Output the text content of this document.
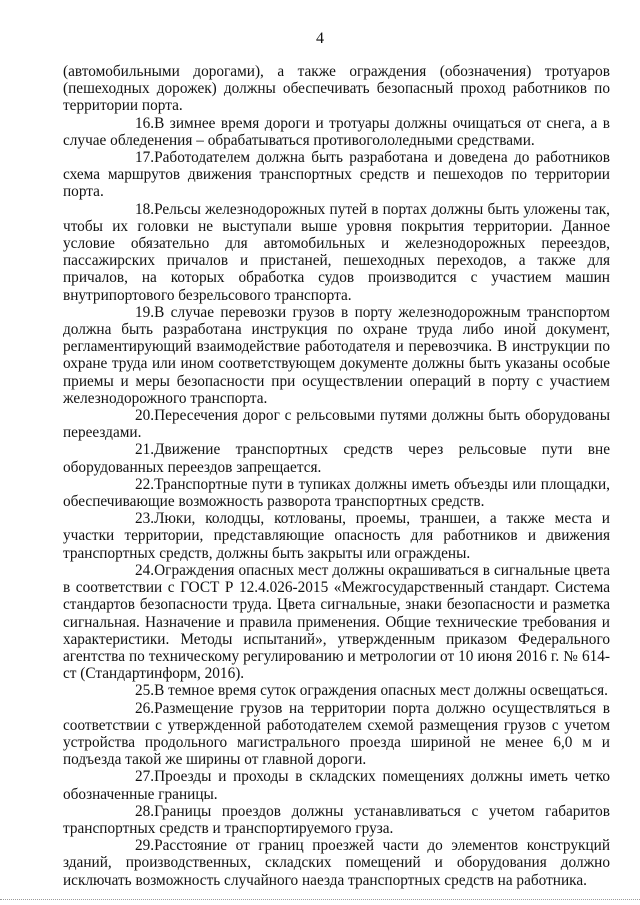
4

(автомобильными дорогами), а также ограждения (обозначения) тротуаров (пешеходных дорожек) должны обеспечивать безопасный проход работников по территории порта.

16.В зимнее время дороги и тротуары должны очищаться от снега, а в случае обледенения – обрабатываться противогололедными средствами.

17.Работодателем должна быть разработана и доведена до работников схема маршрутов движения транспортных средств и пешеходов по территории порта.

18.Рельсы железнодорожных путей в портах должны быть уложены так, чтобы их головки не выступали выше уровня покрытия территории. Данное условие обязательно для автомобильных и железнодорожных переездов, пассажирских причалов и пристаней, пешеходных переходов, а также для причалов, на которых обработка судов производится с участием машин внутрипортового безрельсового транспорта.

19.В случае перевозки грузов в порту железнодорожным транспортом должна быть разработана инструкция по охране труда либо иной документ, регламентирующий взаимодействие работодателя и перевозчика. В инструкции по охране труда или ином соответствующем документе должны быть указаны особые приемы и меры безопасности при осуществлении операций в порту с участием железнодорожного транспорта.

20.Пересечения дорог с рельсовыми путями должны быть оборудованы переездами.

21.Движение транспортных средств через рельсовые пути вне оборудованных переездов запрещается.

22.Транспортные пути в тупиках должны иметь объезды или площадки, обеспечивающие возможность разворота транспортных средств.

23.Люки, колодцы, котлованы, проемы, траншеи, а также места и участки территории, представляющие опасность для работников и движения транспортных средств, должны быть закрыты или ограждены.

24.Ограждения опасных мест должны окрашиваться в сигнальные цвета в соответствии с ГОСТ Р 12.4.026-2015 «Межгосударственный стандарт. Система стандартов безопасности труда. Цвета сигнальные, знаки безопасности и разметка сигнальная. Назначение и правила применения. Общие технические требования и характеристики. Методы испытаний», утвержденным приказом Федерального агентства по техническому регулированию и метрологии от 10 июня 2016 г. № 614-ст (Стандартинформ, 2016).

25.В темное время суток ограждения опасных мест должны освещаться.

26.Размещение грузов на территории порта должно осуществляться в соответствии с утвержденной работодателем схемой размещения грузов с учетом устройства продольного магистрального проезда шириной не менее 6,0 м и подъезда такой же ширины от главной дороги.

27.Проезды и проходы в складских помещениях должны иметь четко обозначенные границы.

28.Границы проездов должны устанавливаться с учетом габаритов транспортных средств и транспортируемого груза.

29.Расстояние от границ проезжей части до элементов конструкций зданий, производственных, складских помещений и оборудования должно исключать возможность случайного наезда транспортных средств на работника.
